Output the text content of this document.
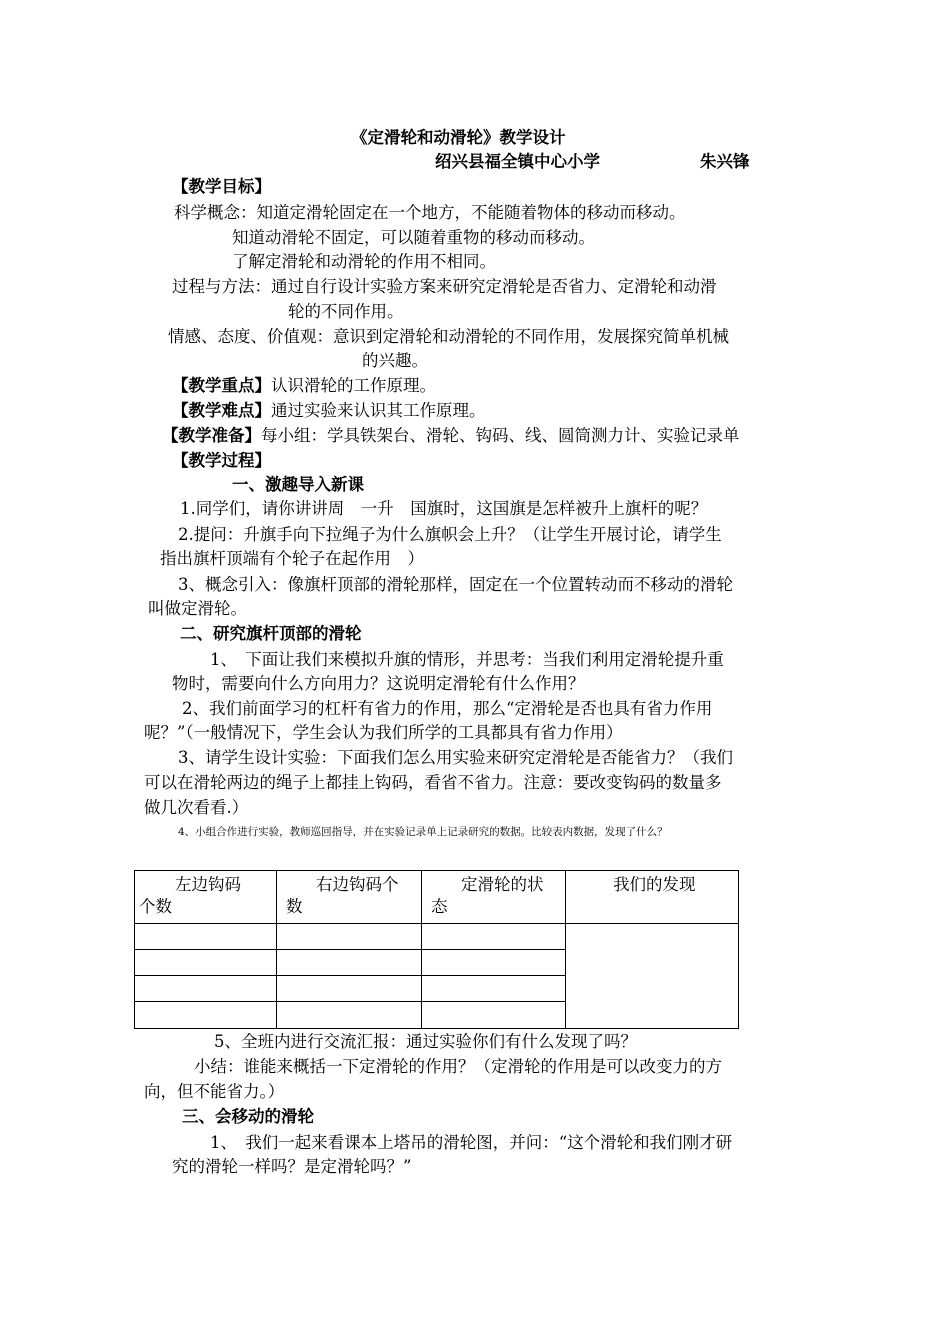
《定滑轮和动滑轮》教学设计
绍兴县福全镇中心小学	朱兴锋
【教学目标】
科学概念：知道定滑轮固定在一个地方，不能随着物体的移动而移动。
知道动滑轮不固定，可以随着重物的移动而移动。
了解定滑轮和动滑轮的作用不相同。
过程与方法：通过自行设计实验方案来研究定滑轮是否省力、定滑轮和动滑
轮的不同作用。
情感、态度、价值观：意识到定滑轮和动滑轮的不同作用，发展探究简单机械
的兴趣。
【教学重点】认识滑轮的工作原理。
【教学难点】通过实验来认识其工作原理。
【教学准备】每小组：学具铁架台、滑轮、钩码、线、圆筒测力计、实验记录单
【教学过程】
一、激趣导入新课
1.同学们，请你讲讲周　一升　国旗时，这国旗是怎样被升上旗杆的呢？
2.提问：升旗手向下拉绳子为什么旗帜会上升？（让学生开展讨论，请学生
指出旗杆顶端有个轮子在起作用　）
3、概念引入：像旗杆顶部的滑轮那样，固定在一个位置转动而不移动的滑轮
叫做定滑轮。
二、研究旗杆顶部的滑轮
1、　下面让我们来模拟升旗的情形，并思考：当我们利用定滑轮提升重
物时，需要向什么方向用力？这说明定滑轮有什么作用？
2、我们前面学习的杠杆有省力的作用，那么“定滑轮是否也具有省力作用
呢？”（一般情况下，学生会认为我们所学的工具都具有省力作用）
3、请学生设计实验：下面我们怎么用实验来研究定滑轮是否能省力？（我们
可以在滑轮两边的绳子上都挂上钩码，看省不省力。注意：要改变钩码的数量多
做几次看看.）
4、小组合作进行实验，教师巡回指导，并在实验记录单上记录研究的数据。比较表内数据，发现了什么？
左边钩码
个数
右边钩码个
数
定滑轮的状
态
我们的发现
5、全班内进行交流汇报：通过实验你们有什么发现了吗？
小结：谁能来概括一下定滑轮的作用？（定滑轮的作用是可以改变力的方
向，但不能省力。）
三、会移动的滑轮
1、　我们一起来看课本上塔吊的滑轮图，并问：“这个滑轮和我们刚才研
究的滑轮一样吗？是定滑轮吗？”
